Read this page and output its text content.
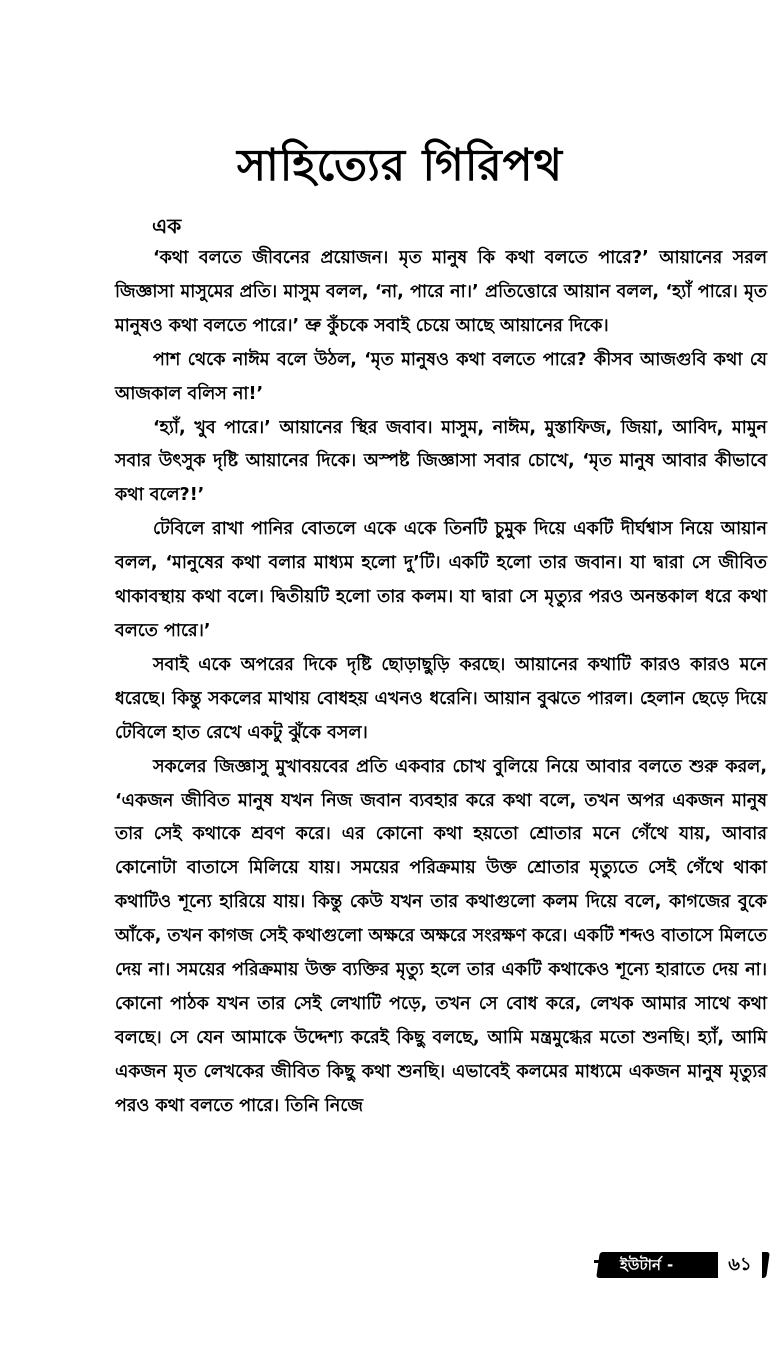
সাহিত্যের গিরিপথ
এক

‘কথা বলতে জীবনের প্রয়োজন। মৃত মানুষ কি কথা বলতে পারে?’ আয়ানের সরল জিজ্ঞাসা মাসুমের প্রতি। মাসুম বলল, ‘না, পারে না।’ প্রতিত্তোরে আয়ান বলল, ‘হ্যাঁ পারে। মৃত মানুষও কথা বলতে পারে।’ ভ্রু কুঁচকে সবাই চেয়ে আছে আয়ানের দিকে।

পাশ থেকে নাঈম বলে উঠল, ‘মৃত মানুষও কথা বলতে পারে? কীসব আজগুবি কথা যে আজকাল বলিস না!’

‘হ্যাঁ, খুব পারে।’ আয়ানের স্থির জবাব। মাসুম, নাঈম, মুস্তাফিজ, জিয়া, আবিদ, মামুন সবার উৎসুক দৃষ্টি আয়ানের দিকে। অস্পষ্ট জিজ্ঞাসা সবার চোখে, ‘মৃত মানুষ আবার কীভাবে কথা বলে?!’

টেবিলে রাখা পানির বোতলে একে একে তিনটি চুমুক দিয়ে একটি দীর্ঘশ্বাস নিয়ে আয়ান বলল, ‘মানুষের কথা বলার মাধ্যম হলো দু’টি। একটি হলো তার জবান। যা দ্বারা সে জীবিত থাকাবস্থায় কথা বলে। দ্বিতীয়টি হলো তার কলম। যা দ্বারা সে মৃত্যুর পরও অনন্তকাল ধরে কথা বলতে পারে।’

সবাই একে অপরের দিকে দৃষ্টি ছোড়াছুড়ি করছে। আয়ানের কথাটি কারও কারও মনে ধরেছে। কিন্তু সকলের মাথায় বোধহয় এখনও ধরেনি। আয়ান বুঝতে পারল। হেলান ছেড়ে দিয়ে টেবিলে হাত রেখে একটু ঝুঁকে বসল।

সকলের জিজ্ঞাসু মুখাবয়বের প্রতি একবার চোখ বুলিয়ে নিয়ে আবার বলতে শুরু করল, ‘একজন জীবিত মানুষ যখন নিজ জবান ব্যবহার করে কথা বলে, তখন অপর একজন মানুষ তার সেই কথাকে শ্রবণ করে। এর কোনো কথা হয়তো শ্রোতার মনে গেঁথে যায়, আবার কোনোটা বাতাসে মিলিয়ে যায়। সময়ের পরিক্রমায় উক্ত শ্রোতার মৃত্যুতে সেই গেঁথে থাকা কথাটিও শূন্যে হারিয়ে যায়। কিন্তু কেউ যখন তার কথাগুলো কলম দিয়ে বলে, কাগজের বুকে আঁকে, তখন কাগজ সেই কথাগুলো অক্ষরে অক্ষরে সংরক্ষণ করে। একটি শব্দও বাতাসে মিলতে দেয় না। সময়ের পরিক্রমায় উক্ত ব্যক্তির মৃত্যু হলে তার একটি কথাকেও শূন্যে হারাতে দেয় না। কোনো পাঠক যখন তার সেই লেখাটি পড়ে, তখন সে বোধ করে, লেখক আমার সাথে কথা বলছে। সে যেন আমাকে উদ্দেশ্য করেই কিছু বলছে, আমি মন্ত্রমুগ্ধের মতো শুনছি। হ্যাঁ, আমি একজন মৃত লেখকের জীবিত কিছু কথা শুনছি। এভাবেই কলমের মাধ্যমে একজন মানুষ মৃত্যুর পরও কথা বলতে পারে। তিনি নিজে

ইউটার্ন -	৬১
